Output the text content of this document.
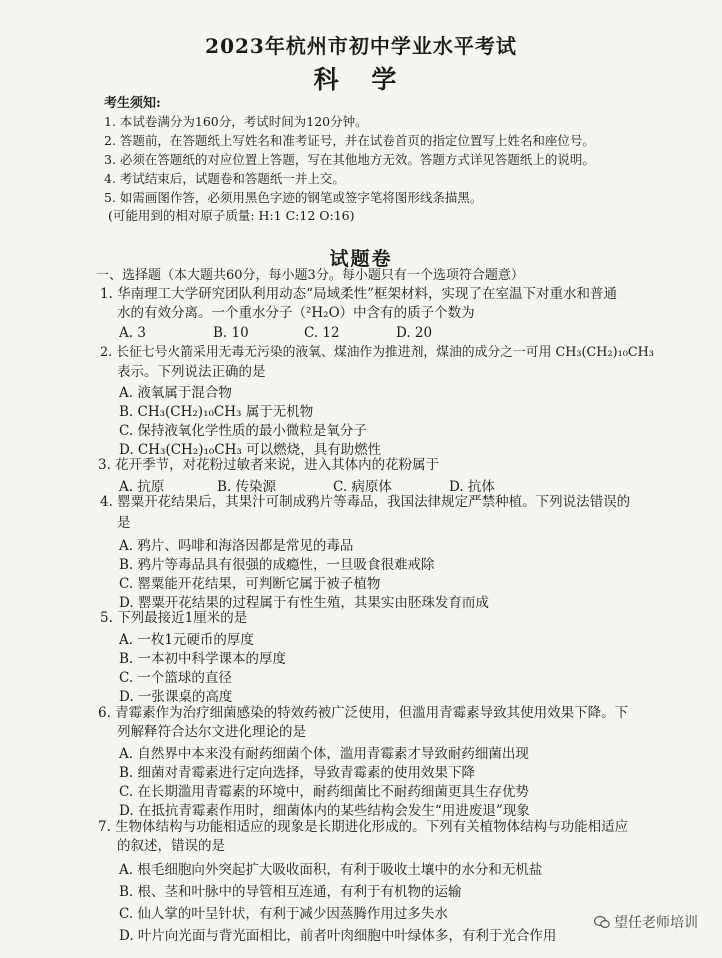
2023年杭州市初中学业水平考试
科 学
考生须知:
1. 本试卷满分为160分，考试时间为120分钟。
2. 答题前，在答题纸上写姓名和准考证号，并在试卷首页的指定位置写上姓名和座位号。
3. 必须在答题纸的对应位置上答题，写在其他地方无效。答题方式详见答题纸上的说明。
4. 考试结束后，试题卷和答题纸一并上交。
5. 如需画图作答，必须用黑色字迹的钢笔或签字笔将图形线条描黑。
(可能用到的相对原子质量: H:1 C:12 O:16)
试题卷
一、选择题（本大题共60分，每小题3分。每小题只有一个选项符合题意）
1. 华南理工大学研究团队利用动态“局域柔性”框架材料，实现了在室温下对重水和普通
水的有效分离。一个重水分子（²H₂O）中含有的质子个数为
A. 3	B. 10	C. 12	D. 20
2. 长征七号火箭采用无毒无污染的液氧、煤油作为推进剂，煤油的成分之一可用 CH₃(CH₂)₁₀CH₃
表示。下列说法正确的是
A. 液氧属于混合物
B. CH₃(CH₂)₁₀CH₃ 属于无机物
C. 保持液氧化学性质的最小微粒是氧分子
D. CH₃(CH₂)₁₀CH₃ 可以燃烧，具有助燃性
3. 花开季节，对花粉过敏者来说，进入其体内的花粉属于
A. 抗原	B. 传染源	C. 病原体	D. 抗体
4. 罂粟开花结果后，其果汁可制成鸦片等毒品，我国法律规定严禁种植。下列说法错误的
是
A. 鸦片、吗啡和海洛因都是常见的毒品
B. 鸦片等毒品具有很强的成瘾性，一旦吸食很难戒除
C. 罂粟能开花结果，可判断它属于被子植物
D. 罂粟开花结果的过程属于有性生殖，其果实由胚珠发育而成
5. 下列最接近1厘米的是
A. 一枚1元硬币的厚度
B. 一本初中科学课本的厚度
C. 一个篮球的直径
D. 一张课桌的高度
6. 青霉素作为治疗细菌感染的特效药被广泛使用，但滥用青霉素导致其使用效果下降。下
列解释符合达尔文进化理论的是
A. 自然界中本来没有耐药细菌个体，滥用青霉素才导致耐药细菌出现
B. 细菌对青霉素进行定向选择，导致青霉素的使用效果下降
C. 在长期滥用青霉素的环境中，耐药细菌比不耐药细菌更具生存优势
D. 在抵抗青霉素作用时，细菌体内的某些结构会发生“用进废退”现象
7. 生物体结构与功能相适应的现象是长期进化形成的。下列有关植物体结构与功能相适应
的叙述，错误的是
A. 根毛细胞向外突起扩大吸收面积，有利于吸收土壤中的水分和无机盐
B. 根、茎和叶脉中的导管相互连通，有利于有机物的运输
C. 仙人掌的叶呈针状，有利于减少因蒸腾作用过多失水
D. 叶片向光面与背光面相比，前者叶肉细胞中叶绿体多，有利于光合作用
望任老师培训
